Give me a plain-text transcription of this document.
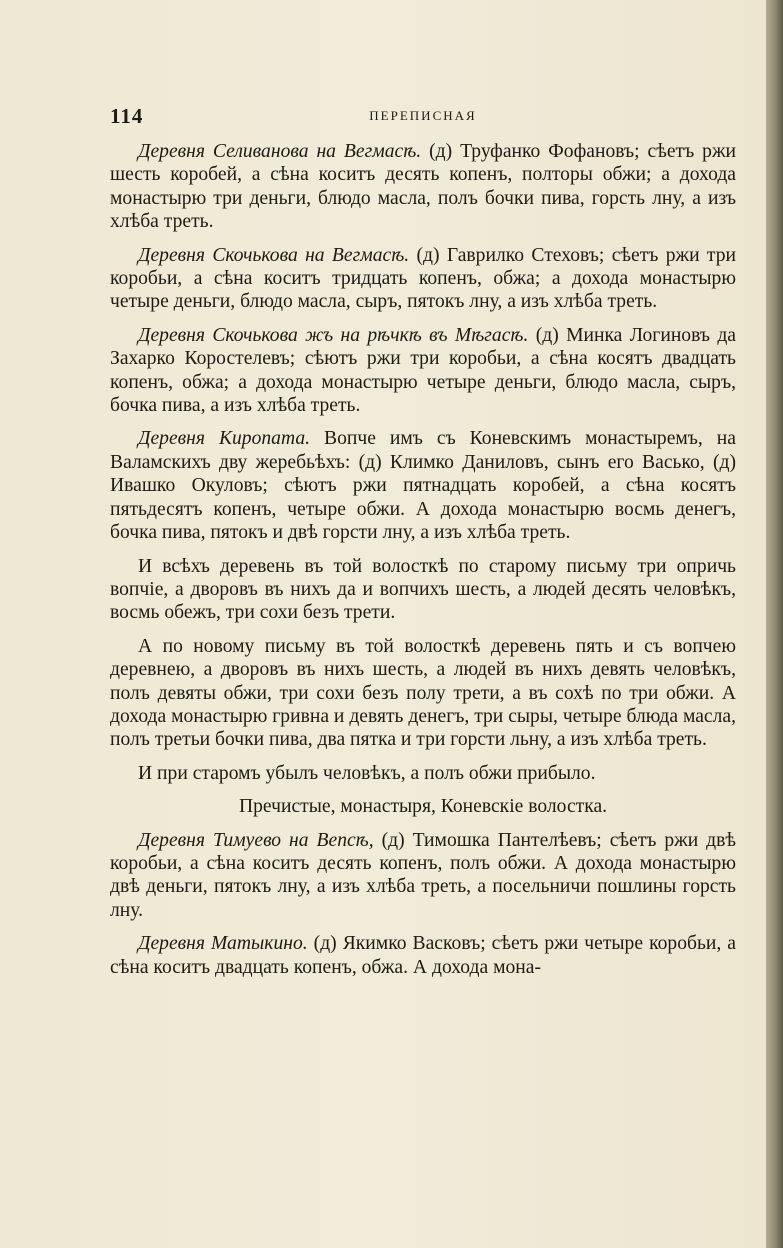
114	ПЕРЕПИСНАЯ

Деревня Селиванова на Вегмасѣ. (д) Труфанко Фофановъ; сѣетъ ржи шесть коробей, а сѣна коситъ десять копенъ, полторы обжи; а дохода монастырю три деньги, блюдо масла, полъ бочки пива, горсть лну, а изъ хлѣба треть.

Деревня Скочькова на Вегмасѣ. (д) Гаврилко Стеховъ; сѣетъ ржи три коробьи, а сѣна коситъ тридцать копенъ, обжа; а дохода монастырю четыре деньги, блюдо масла, сыръ, пятокъ лну, а изъ хлѣба треть.

Деревня Скочькова жъ на рѣчкѣ въ Мѣгасѣ. (д) Минка Логиновъ да Захарко Коростелевъ; сѣютъ ржи три коробьи, а сѣна косятъ двадцать копенъ, обжа; а дохода монастырю четыре деньги, блюдо масла, сыръ, бочка пива, а изъ хлѣба треть.

Деревня Киропата. Вопче имъ съ Коневскимъ монастыремъ, на Валамскихъ дву жеребьѣхъ: (д) Климко Даниловъ, сынъ его Васько, (д) Ивашко Окуловъ; сѣютъ ржи пятнадцать коробей, а сѣна косятъ пятьдесятъ копенъ, четыре обжи. А дохода монастырю восмь денегъ, бочка пива, пятокъ и двѣ горсти лну, а изъ хлѣба треть.

И всѣхъ деревень въ той волосткѣ по старому письму три опричь вопчіе, а дворовъ въ нихъ да и вопчихъ шесть, а людей десять человѣкъ, восмь обежъ, три сохи безъ трети.

А по новому письму въ той волосткѣ деревень пять и съ вопчею деревнею, а дворовъ въ нихъ шесть, а людей въ нихъ девять человѣкъ, полъ девяты обжи, три сохи безъ полу трети, а въ сохѣ по три обжи. А дохода монастырю гривна и девять денегъ, три сыры, четыре блюда масла, полъ третьи бочки пива, два пятка и три горсти льну, а изъ хлѣба треть.

И при старомъ убылъ человѣкъ, а полъ обжи прибыло.

Пречистые, монастыря, Коневскіе волостка.

Деревня Тимуево на Вепсѣ, (д) Тимошка Пантелѣевъ; сѣетъ ржи двѣ коробьи, а сѣна коситъ десять копенъ, полъ обжи. А дохода монастырю двѣ деньги, пятокъ лну, а изъ хлѣба треть, а посельничи пошлины горсть лну.

Деревня Матыкино. (д) Якимко Васковъ; сѣетъ ржи четыре коробьи, а сѣна коситъ двадцать копенъ, обжа. А дохода мона-
